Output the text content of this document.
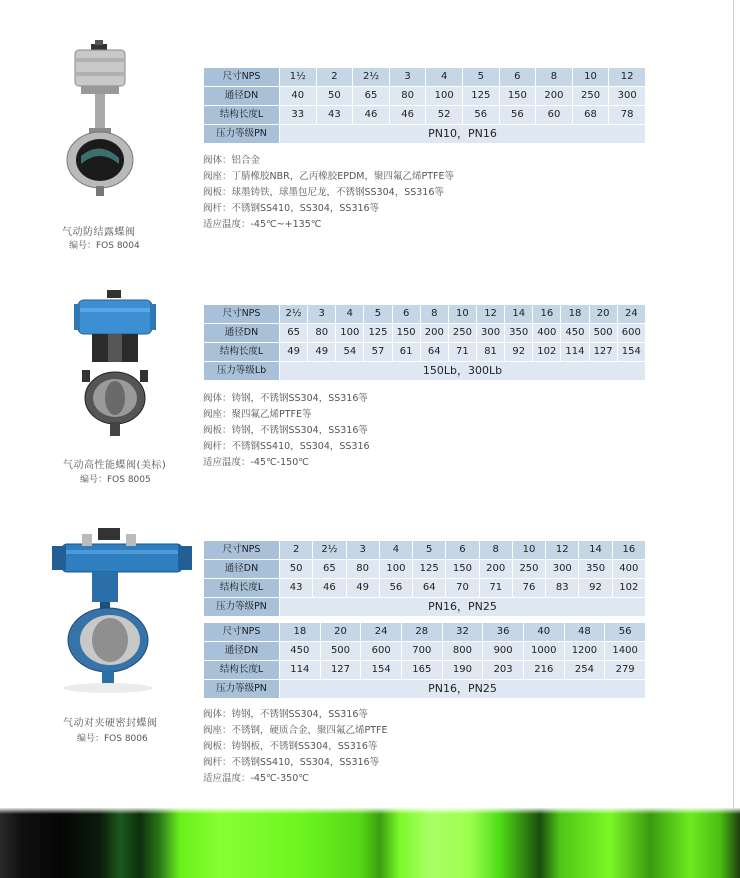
气动防结露蝶阀
编号：FOS 8004
尺寸NPS	1½	2	2½	3	4	5	6	8	10	12
通径DN	40	50	65	80	100	125	150	200	250	300
结构长度L	33	43	46	46	52	56	56	60	68	78
压力等级PN	PN10，PN16									
阀体：铝合金
阀座：丁腈橡胶NBR，乙丙橡胶EPDM，聚四氟乙烯PTFE等
阀板：球墨铸铁，球墨包尼龙，不锈钢SS304，SS316等
阀杆：不锈钢SS410，SS304，SS316等
适应温度：-45℃~+135℃
气动高性能蝶阀(美标)
编号：FOS 8005
尺寸NPS	2½	3	4	5	6	8	10	12	14	16	18	20	24
通径DN	65	80	100	125	150	200	250	300	350	400	450	500	600
结构长度L	49	49	54	57	61	64	71	81	92	102	114	127	154
压力等级Lb	150Lb，300Lb												
阀体：铸钢，不锈钢SS304，SS316等
阀座：聚四氟乙烯PTFE等
阀板：铸钢，不锈钢SS304，SS316等
阀杆：不锈钢SS410，SS304，SS316
适应温度：-45℃-150℃
气动对夹硬密封蝶阀
编号：FOS 8006
尺寸NPS	2	2½	3	4	5	6	8	10	12	14	16
通径DN	50	65	80	100	125	150	200	250	300	350	400
结构长度L	43	46	49	56	64	70	71	76	83	92	102
压力等级PN	PN16，PN25										
尺寸NPS	18	20	24	28	32	36	40	48	56
通径DN	450	500	600	700	800	900	1000	1200	1400
结构长度L	114	127	154	165	190	203	216	254	279
压力等级PN	PN16，PN25								
阀体：铸钢，不锈钢SS304，SS316等
阀座：不锈钢，硬质合金，聚四氟乙烯PTFE
阀板：铸钢板，不锈钢SS304，SS316等
阀杆：不锈钢SS410，SS304，SS316等
适应温度：-45℃-350℃
